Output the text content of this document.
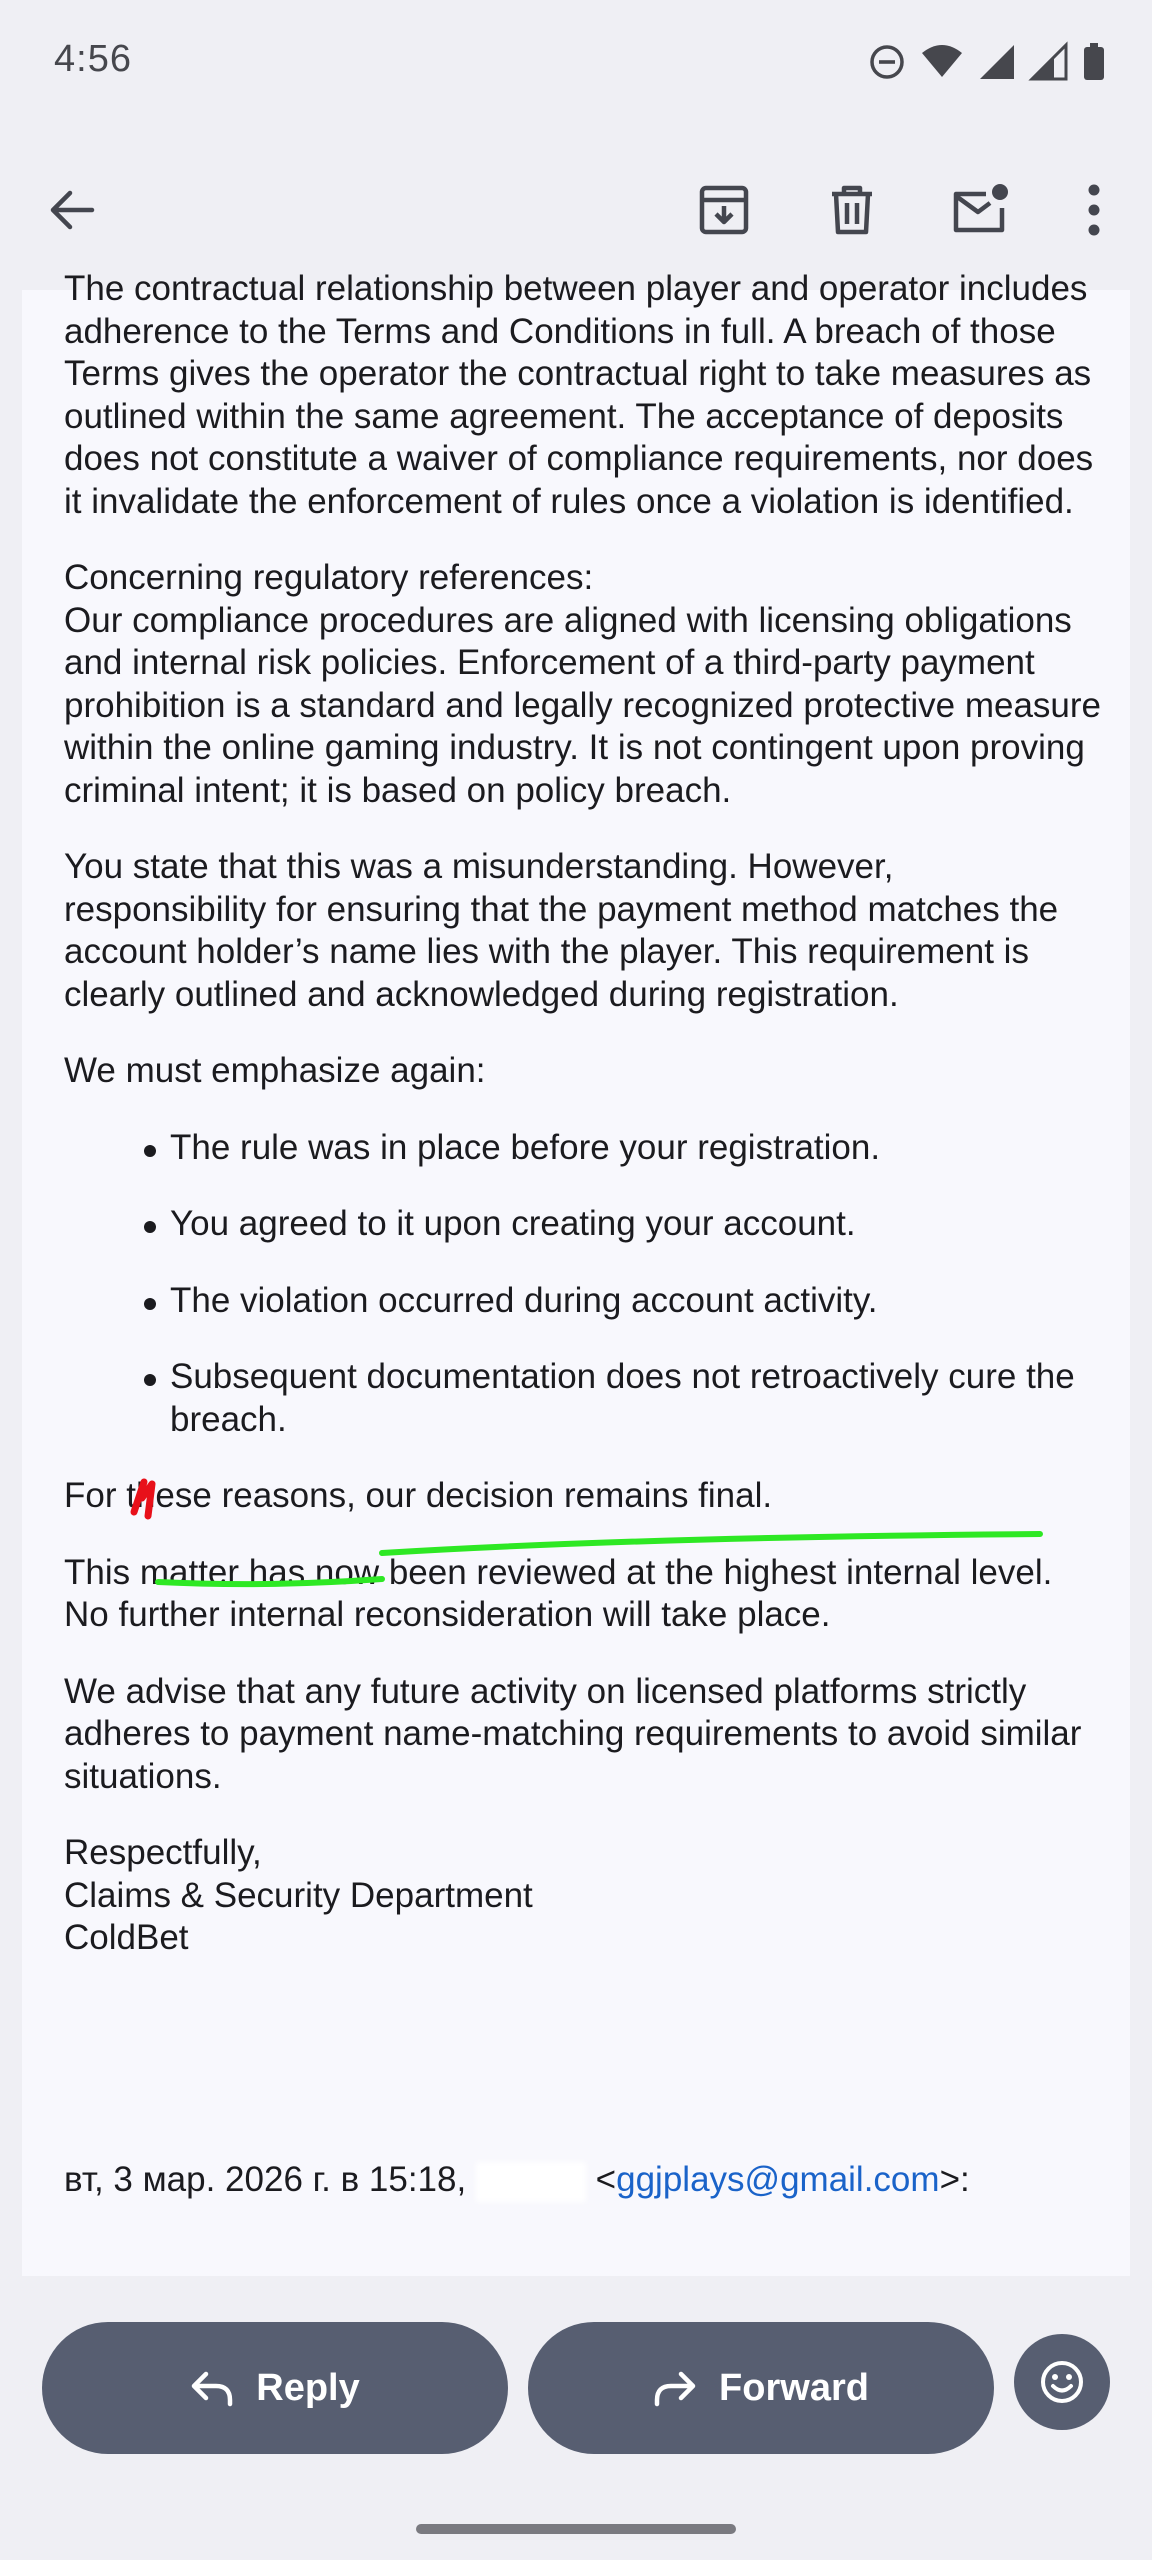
4:56

The contractual relationship between player and operator includes adherence to the Terms and Conditions in full. A breach of those Terms gives the operator the contractual right to take measures as outlined within the same agreement. The acceptance of deposits does not constitute a waiver of compliance requirements, nor does it invalidate the enforcement of rules once a violation is identified.

Concerning regulatory references:
Our compliance procedures are aligned with licensing obligations and internal risk policies. Enforcement of a third-party payment prohibition is a standard and legally recognized protective measure within the online gaming industry. It is not contingent upon proving criminal intent; it is based on policy breach.

You state that this was a misunderstanding. However, responsibility for ensuring that the payment method matches the account holder’s name lies with the player. This requirement is clearly outlined and acknowledged during registration.

We must emphasize again:

The rule was in place before your registration.
You agreed to it upon creating your account.
The violation occurred during account activity.
Subsequent documentation does not retroactively cure the breach.

For these reasons, our decision remains final.

This matter has now been reviewed at the highest internal level. No further internal reconsideration will take place.

We advise that any future activity on licensed platforms strictly adheres to payment name-matching requirements to avoid similar situations.

Respectfully,
Claims & Security Department
ColdBet

вт, 3 мар. 2026 г. в 15:18,	<ggjplays@gmail.com>:
Reply	Forward
